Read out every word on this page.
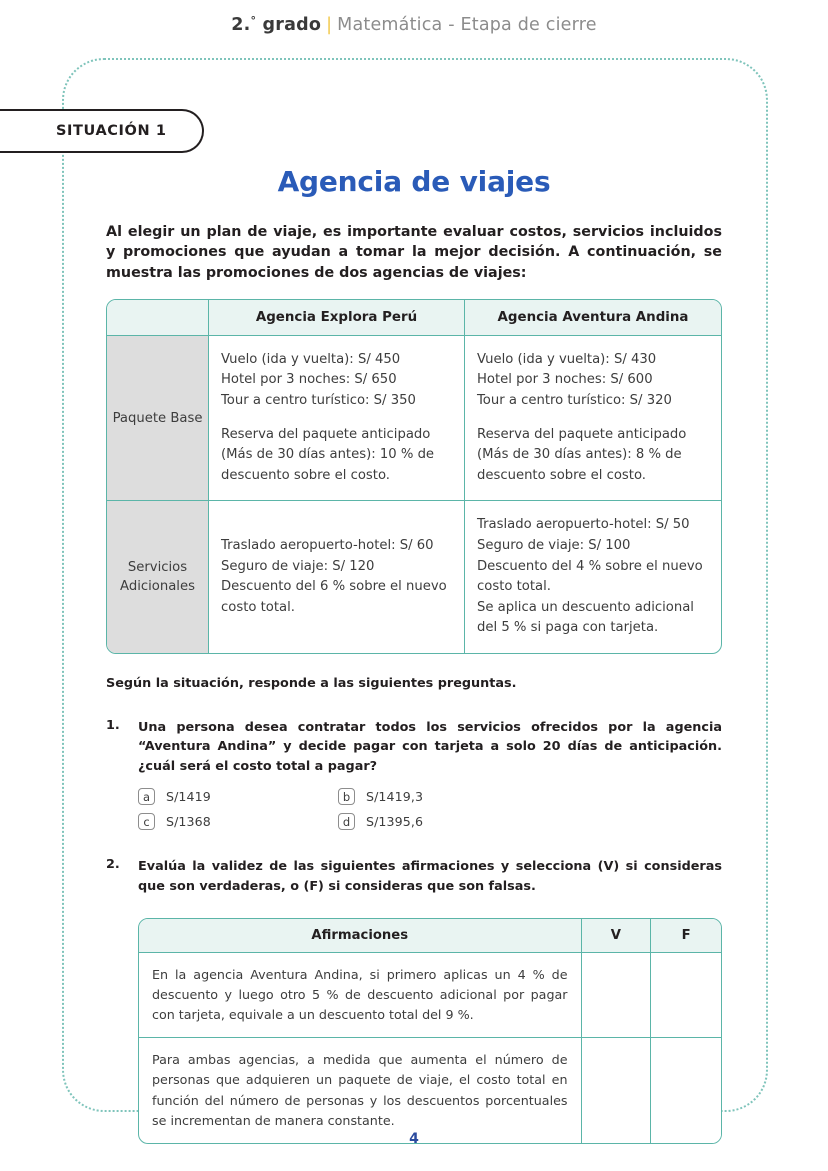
2.° grado | Matemática - Etapa de cierre
SITUACIÓN 1
Agencia de viajes
Al elegir un plan de viaje, es importante evaluar costos, servicios incluidos y promociones que ayudan a tomar la mejor decisión. A continuación, se muestra las promociones de dos agencias de viajes:
	Agencia Explora Perú	Agencia Aventura Andina
Paquete Base	Vuelo (ida y vuelta): S/ 450
Hotel por 3 noches: S/ 650
Tour a centro turístico: S/ 350
Reserva del paquete anticipado (Más de 30 días antes): 10 % de descuento sobre el costo.	Vuelo (ida y vuelta): S/ 430
Hotel por 3 noches: S/ 600
Tour a centro turístico: S/ 320
Reserva del paquete anticipado (Más de 30 días antes): 8 % de descuento sobre el costo.
Servicios Adicionales	Traslado aeropuerto-hotel: S/ 60
Seguro de viaje: S/ 120
Descuento del 6 % sobre el nuevo costo total.	Traslado aeropuerto-hotel: S/ 50
Seguro de viaje: S/ 100
Descuento del 4 % sobre el nuevo costo total.
Se aplica un descuento adicional del 5 % si paga con tarjeta.
Según la situación, responde a las siguientes preguntas.
1.	Una persona desea contratar todos los servicios ofrecidos por la agencia “Aventura Andina” y decide pagar con tarjeta a solo 20 días de anticipación. ¿cuál será el costo total a pagar?
a	S/1419	b	S/1419,3
c	S/1368	d	S/1395,6
2.	Evalúa la validez de las siguientes afirmaciones y selecciona (V) si consideras que son verdaderas, o (F) si consideras que son falsas.
Afirmaciones	V	F
En la agencia Aventura Andina, si primero aplicas un 4 % de descuento y luego otro 5 % de descuento adicional por pagar con tarjeta, equivale a un descuento total del 9 %.		
Para ambas agencias, a medida que aumenta el número de personas que adquieren un paquete de viaje, el costo total en función del número de personas y los descuentos porcentuales se incrementan de manera constante.		
4
